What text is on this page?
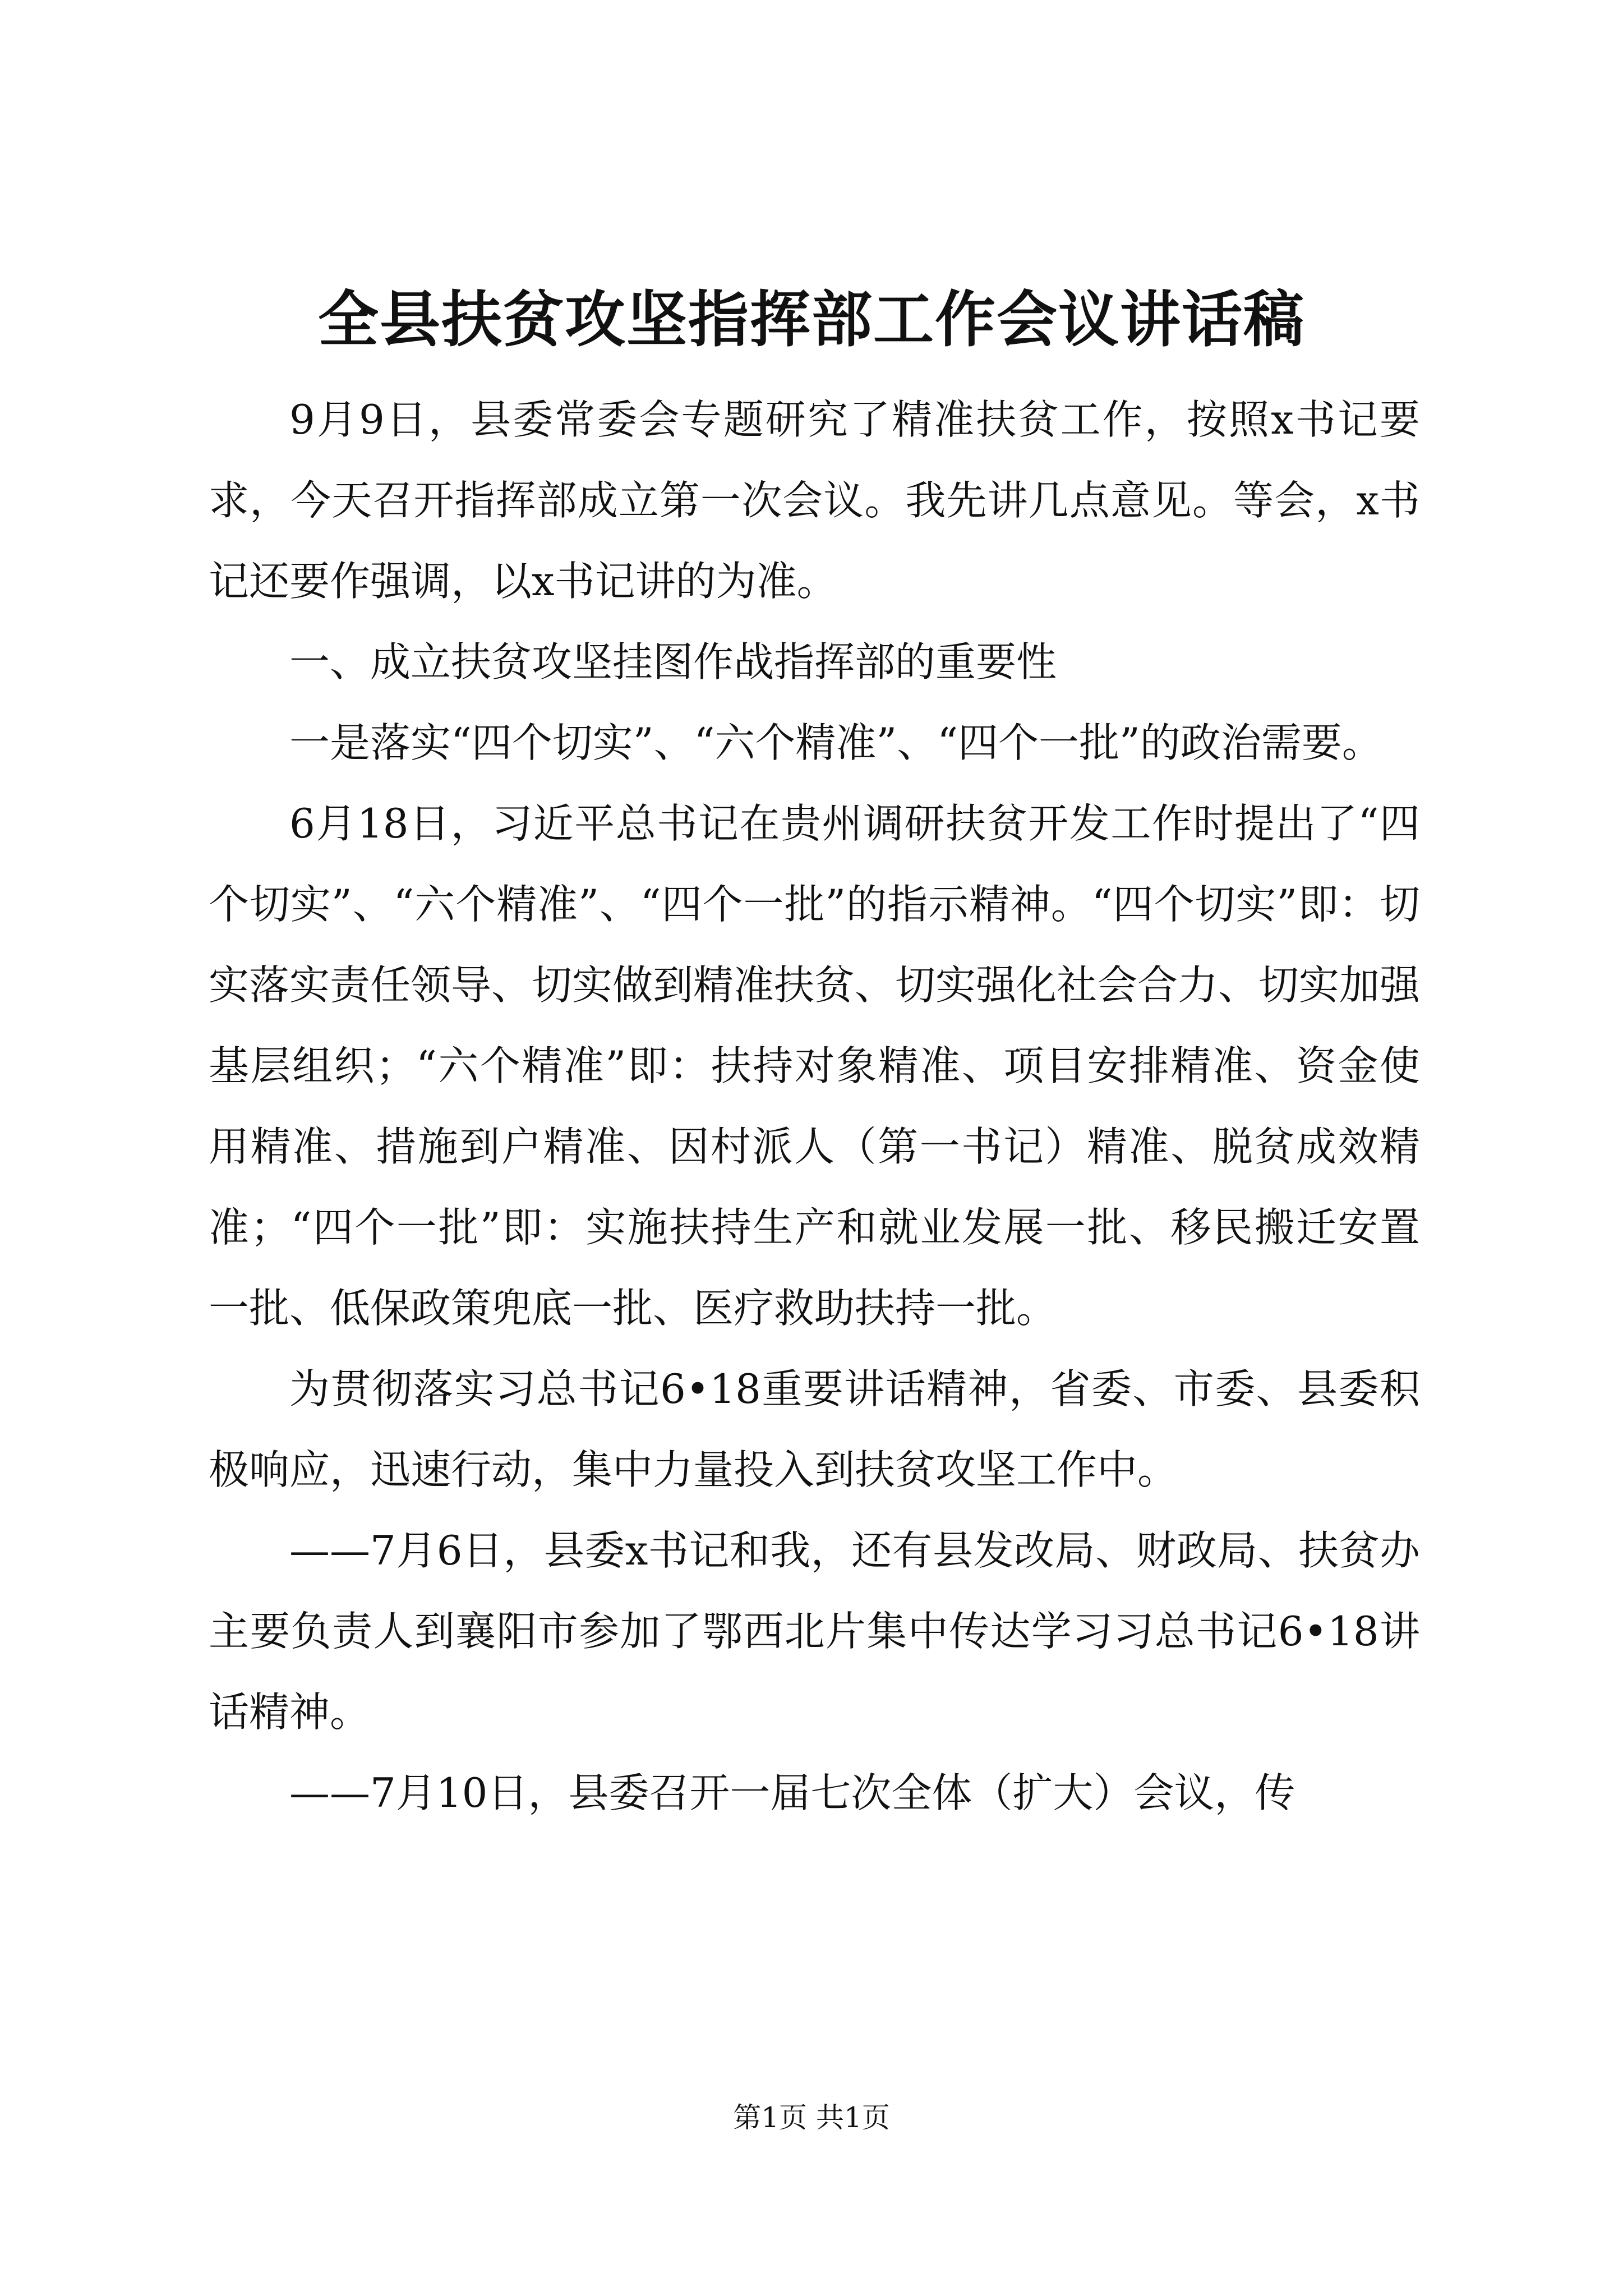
全县扶贫攻坚指挥部工作会议讲话稿

9月9日，县委常委会专题研究了精准扶贫工作，按照x书记要求，今天召开指挥部成立第一次会议。我先讲几点意见。等会，x书记还要作强调，以x书记讲的为准。

一、成立扶贫攻坚挂图作战指挥部的重要性

一是落实“四个切实”、“六个精准”、“四个一批”的政治需要。

6月18日，习近平总书记在贵州调研扶贫开发工作时提出了“四个切实”、“六个精准”、“四个一批”的指示精神。“四个切实”即：切实落实责任领导、切实做到精准扶贫、切实强化社会合力、切实加强基层组织；“六个精准”即：扶持对象精准、项目安排精准、资金使用精准、措施到户精准、因村派人（第一书记）精准、脱贫成效精准；“四个一批”即：实施扶持生产和就业发展一批、移民搬迁安置一批、低保政策兜底一批、医疗救助扶持一批。

为贯彻落实习总书记6•18重要讲话精神，省委、市委、县委积极响应，迅速行动，集中力量投入到扶贫攻坚工作中。

——7月6日，县委x书记和我，还有县发改局、财政局、扶贫办主要负责人到襄阳市参加了鄂西北片集中传达学习习总书记6•18讲话精神。

——7月10日，县委召开一届七次全体（扩大）会议，传

第1页 共1页
